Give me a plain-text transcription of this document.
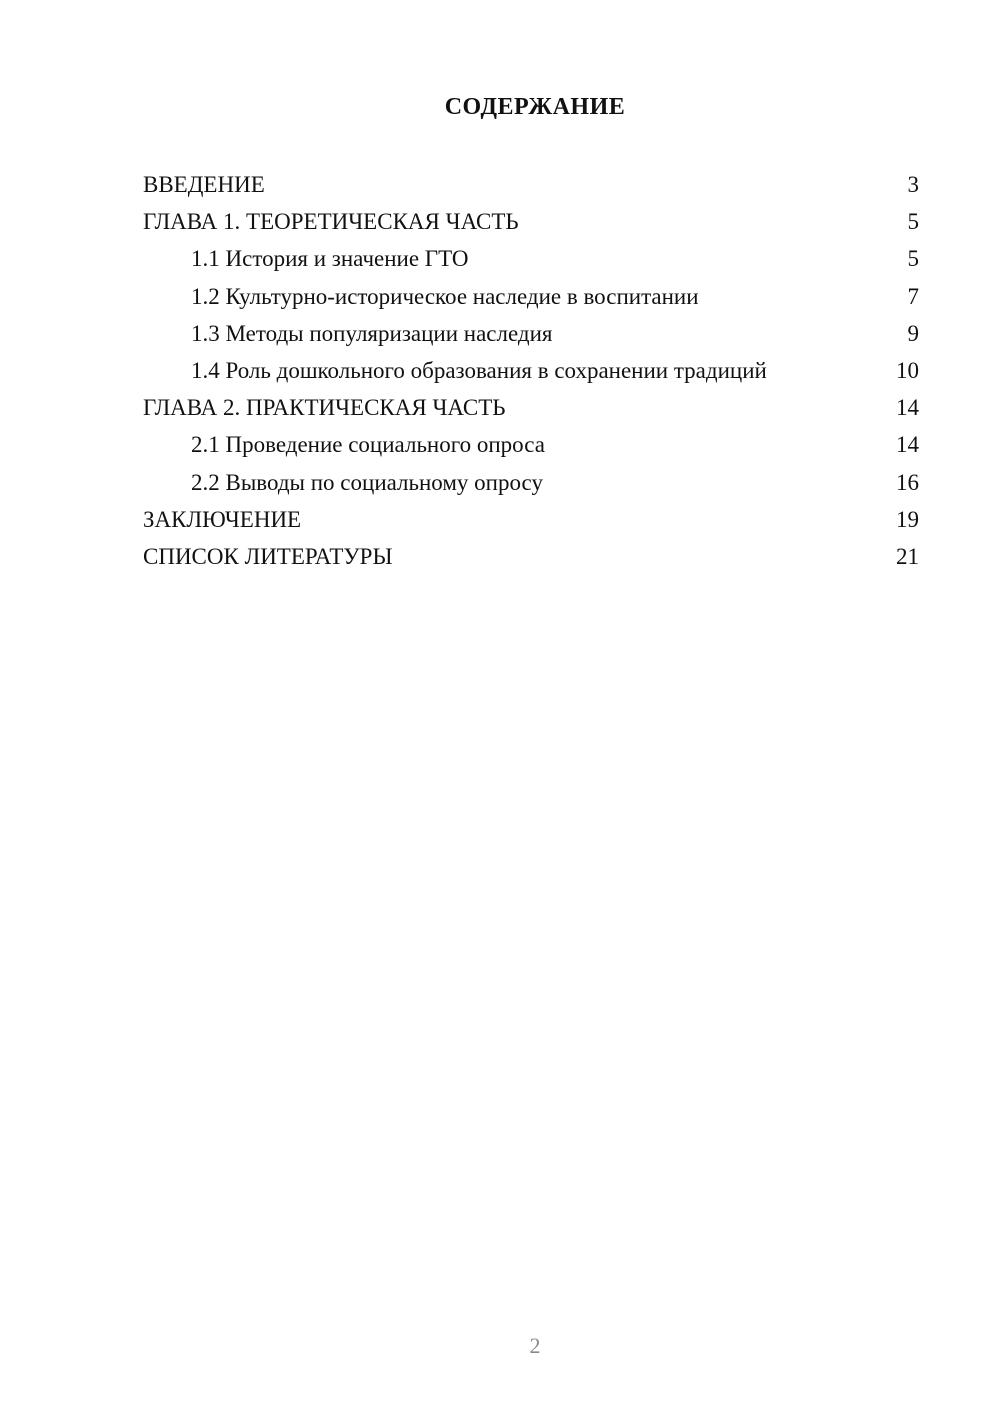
СОДЕРЖАНИЕ
ВВЕДЕНИЕ	3
ГЛАВА 1. ТЕОРЕТИЧЕСКАЯ ЧАСТЬ	5
1.1 История и значение ГТО	5
1.2 Культурно-историческое наследие в воспитании	7
1.3 Методы популяризации наследия	9
1.4 Роль дошкольного образования в сохранении традиций	10
ГЛАВА 2. ПРАКТИЧЕСКАЯ ЧАСТЬ	14
2.1 Проведение социального опроса	14
2.2 Выводы по социальному опросу	16
ЗАКЛЮЧЕНИЕ	19
СПИСОК ЛИТЕРАТУРЫ	21
2
